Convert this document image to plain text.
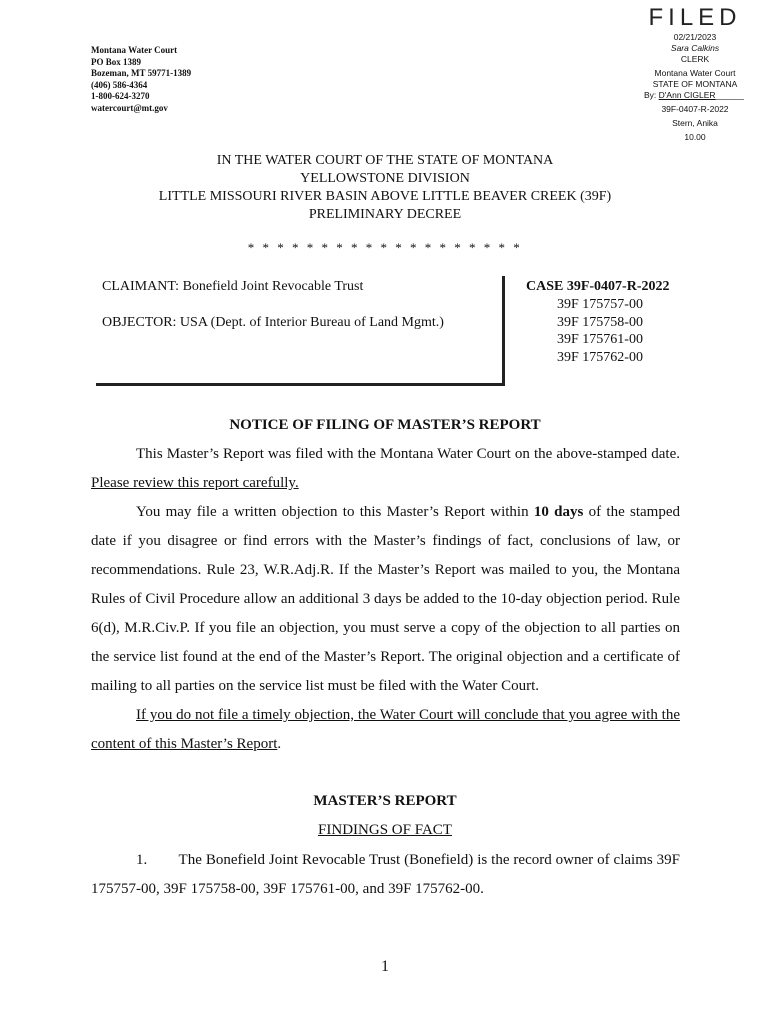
Montana Water Court
PO Box 1389
Bozeman, MT 59771-1389
(406) 586-4364
1-800-624-3270
watercourt@mt.gov
FILED
02/21/2023
Sara Calkins
CLERK
Montana Water Court
STATE OF MONTANA
By: D'Ann CIGLER______
39F-0407-R-2022
Stern, Anika
10.00
IN THE WATER COURT OF THE STATE OF MONTANA
YELLOWSTONE DIVISION
LITTLE MISSOURI RIVER BASIN ABOVE LITTLE BEAVER CREEK (39F)
PRELIMINARY DECREE
* * * * * * * * * * * * * * * * * * *
CLAIMANT: Bonefield Joint Revocable Trust
OBJECTOR: USA (Dept. of Interior Bureau of Land Mgmt.)
CASE 39F-0407-R-2022
39F 175757-00
39F 175758-00
39F 175761-00
39F 175762-00
NOTICE OF FILING OF MASTER’S REPORT

This Master’s Report was filed with the Montana Water Court on the above-stamped date. Please review this report carefully.

You may file a written objection to this Master’s Report within 10 days of the stamped date if you disagree or find errors with the Master’s findings of fact, conclusions of law, or recommendations. Rule 23, W.R.Adj.R. If the Master’s Report was mailed to you, the Montana Rules of Civil Procedure allow an additional 3 days be added to the 10-day objection period. Rule 6(d), M.R.Civ.P. If you file an objection, you must serve a copy of the objection to all parties on the service list found at the end of the Master’s Report. The original objection and a certificate of mailing to all parties on the service list must be filed with the Water Court.

If you do not file a timely objection, the Water Court will conclude that you agree with the content of this Master’s Report.

MASTER’S REPORT
FINDINGS OF FACT

1.        The Bonefield Joint Revocable Trust (Bonefield) is the record owner of claims 39F 175757-00, 39F 175758-00, 39F 175761-00, and 39F 175762-00.

1
